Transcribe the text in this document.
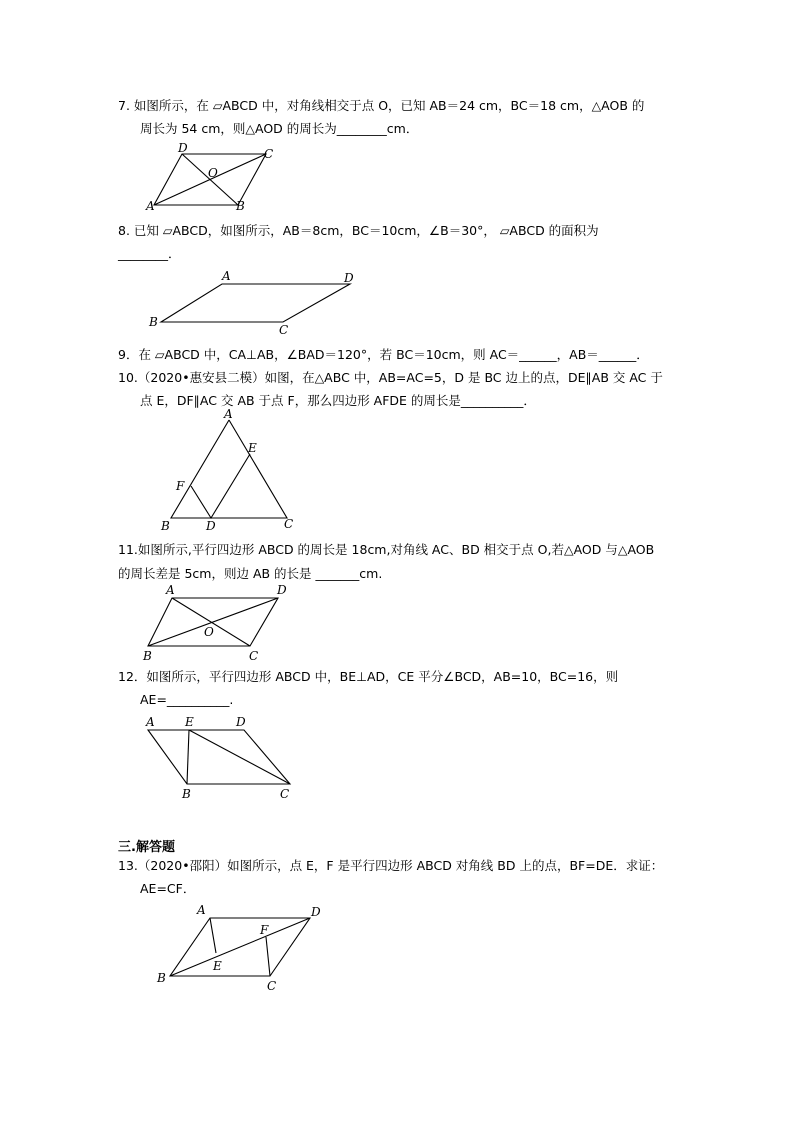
7. 如图所示，在 ▱ABCD 中，对角线相交于点 O，已知 AB＝24 cm，BC＝18 cm，△AOB 的
周长为 54 cm，则△AOD 的周长为________cm．
D	C
O
A	B
8. 已知 ▱ABCD，如图所示，AB＝8cm，BC＝10cm，∠B＝30°， ▱ABCD 的面积为
________．
A	D
B
C
9．在 ▱ABCD 中，CA⊥AB，∠BAD＝120°，若 BC＝10cm，则 AC＝______，AB＝______．
10.（2020•惠安县二模）如图，在△ABC 中，AB=AC=5，D 是 BC 边上的点，DE∥AB 交 AC 于
点 E，DF∥AC 交 AB 于点 F，那么四边形 AFDE 的周长是__________．
A
E
F
B	D	C
11.如图所示,平行四边形 ABCD 的周长是 18cm,对角线 AC、BD 相交于点 O,若△AOD 与△AOB
的周长差是 5cm，则边 AB 的长是 _______cm.
A	D
O
B	C
12．如图所示，平行四边形 ABCD 中，BE⊥AD，CE 平分∠BCD，AB=10，BC=16，则
AE=__________.
A	E	D
B	C
三.解答题
13.（2020•邵阳）如图所示，点 E，F 是平行四边形 ABCD 对角线 BD 上的点，BF=DE．求证：
AE=CF．
A	D
F
E
B
C
